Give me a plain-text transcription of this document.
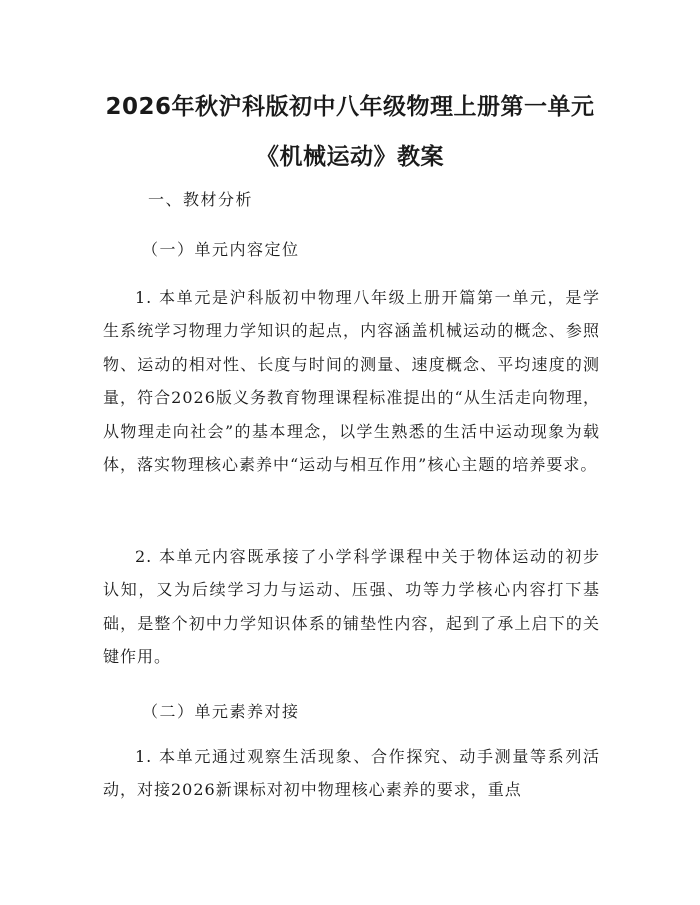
2026年秋沪科版初中八年级物理上册第一单元《机械运动》教案
一、教材分析
（一）单元内容定位

1. 本单元是沪科版初中物理八年级上册开篇第一单元，是学生系统学习物理力学知识的起点，内容涵盖机械运动的概念、参照物、运动的相对性、长度与时间的测量、速度概念、平均速度的测量，符合2026版义务教育物理课程标准提出的“从生活走向物理，从物理走向社会”的基本理念，以学生熟悉的生活中运动现象为载体，落实物理核心素养中“运动与相互作用”核心主题的培养要求。

2. 本单元内容既承接了小学科学课程中关于物体运动的初步认知，又为后续学习力与运动、压强、功等力学核心内容打下基础，是整个初中力学知识体系的铺垫性内容，起到了承上启下的关键作用。

（二）单元素养对接

1. 本单元通过观察生活现象、合作探究、动手测量等系列活动，对接2026新课标对初中物理核心素养的要求，重点
